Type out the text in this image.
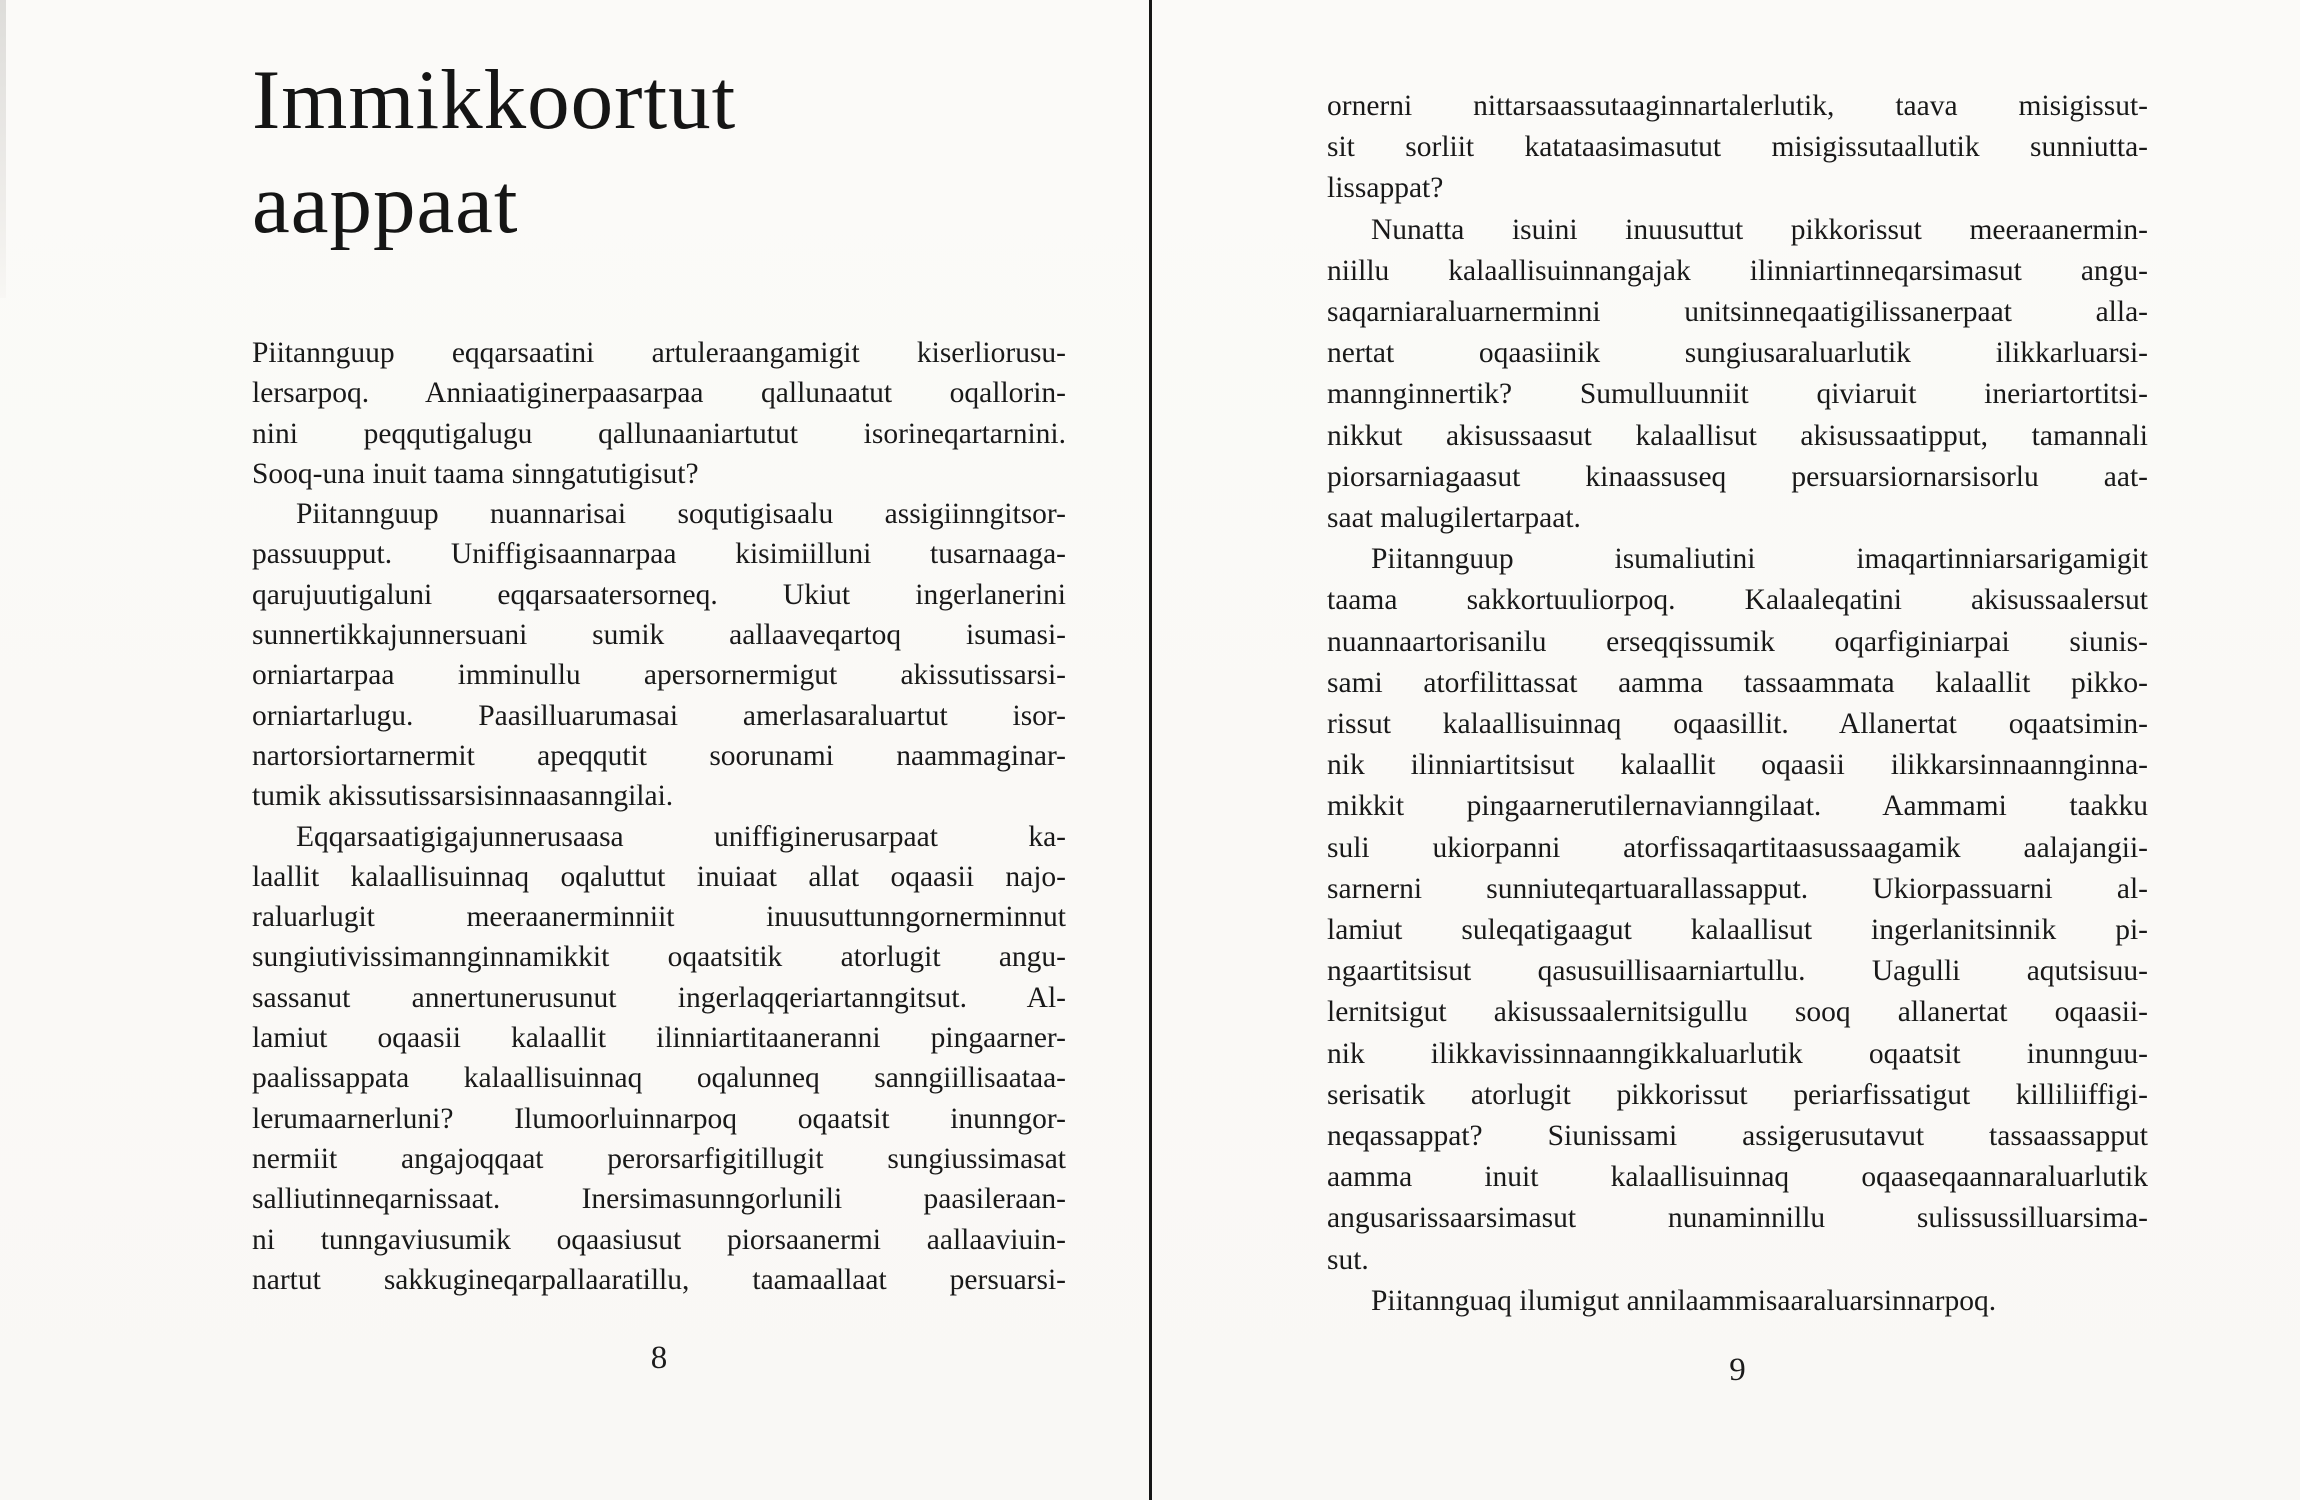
Immikkoortut
aappaat
Piitannguup eqqarsaatini artuleraangamigit kiserliorusu-
lersarpoq. Anniaatiginerpaasarpaa qallunaatut oqallorin-
nini peqqutigalugu qallunaaniartutut isorineqartarnini.
Sooq-una inuit taama sinngatutigisut?
Piitannguup nuannarisai soqutigisaalu assigiinngitsor-
passuupput. Uniffigisaannarpaa kisimiilluni tusarnaaga-
qarujuutigaluni eqqarsaatersorneq. Ukiut ingerlanerini
sunnertikkajunnersuani sumik aallaaveqartoq isumasi-
orniartarpaa imminullu apersornermigut akissutissarsi-
orniartarlugu. Paasilluarumasai amerlasaraluartut isor-
nartorsiortarnermit apeqqutit soorunami naammaginar-
tumik akissutissarsisinnaasanngilai.
Eqqarsaatigigajunnerusaasa uniffiginerusarpaat ka-
laallit kalaallisuinnaq oqaluttut inuiaat allat oqaasii najo-
raluarlugit meeraanerminniit inuusuttunngornerminnut
sungiutivissimannginnamikkit oqaatsitik atorlugit angu-
sassanut annertunerusunut ingerlaqqeriartanngitsut. Al-
lamiut oqaasii kalaallit ilinniartitaaneranni pingaarner-
paalissappata kalaallisuinnaq oqalunneq sanngiillisaataa-
lerumaarnerluni? Ilumoorluinnarpoq oqaatsit inunngor-
nermiit angajoqqaat perorsarfigitillugit sungiussimasat
salliutinneqarnissaat. Inersimasunngorlunili paasileraan-
ni tunngaviusumik oqaasiusut piorsaanermi aallaaviuin-
nartut sakkugineqarpallaaratillu, taamaallaat persuarsi-
8
ornerni nittarsaassutaaginnartalerlutik, taava misigissut-
sit sorliit katataasimasutut misigissutaallutik sunniutta-
lissappat?
Nunatta isuini inuusuttut pikkorissut meeraanermin-
niillu kalaallisuinnangajak ilinniartinneqarsimasut angu-
saqarniaraluarnerminni unitsinneqaatigilissanerpaat alla-
nertat oqaasiinik sungiusaraluarlutik ilikkarluarsi-
mannginnertik? Sumulluunniit qiviaruit ineriartortitsi-
nikkut akisussaasut kalaallisut akisussaatipput, tamannali
piorsarniagaasut kinaassuseq persuarsiornarsisorlu aat-
saat malugilertarpaat.
Piitannguup isumaliutini imaqartinniarsarigamigit
taama sakkortuuliorpoq. Kalaaleqatini akisussaalersut
nuannaartorisanilu erseqqissumik oqarfiginiarpai siunis-
sami atorfilittassat aamma tassaammata kalaallit pikko-
rissut kalaallisuinnaq oqaasillit. Allanertat oqaatsimin-
nik ilinniartitsisut kalaallit oqaasii ilikkarsinnaannginna-
mikkit pingaarnerutilernavianngilaat. Aammami taakku
suli ukiorpanni atorfissaqartitaasussaagamik aalajangii-
sarnerni sunniuteqartuarallassapput. Ukiorpassuarni al-
lamiut suleqatigaagut kalaallisut ingerlanitsinnik pi-
ngaartitsisut qasusuillisaarniartullu. Uagulli aqutsisuu-
lernitsigut akisussaalernitsigullu sooq allanertat oqaasii-
nik ilikkavissinnaanngikkaluarlutik oqaatsit inunnguu-
serisatik atorlugit pikkorissut periarfissatigut killiliiffigi-
neqassappat? Siunissami assigerusutavut tassaassapput
aamma inuit kalaallisuinnaq oqaaseqaannaraluarlutik
angusarissaarsimasut nunaminnillu sulissussilluarsima-
sut.
Piitannguaq ilumigut annilaammisaaraluarsinnarpoq.
9
